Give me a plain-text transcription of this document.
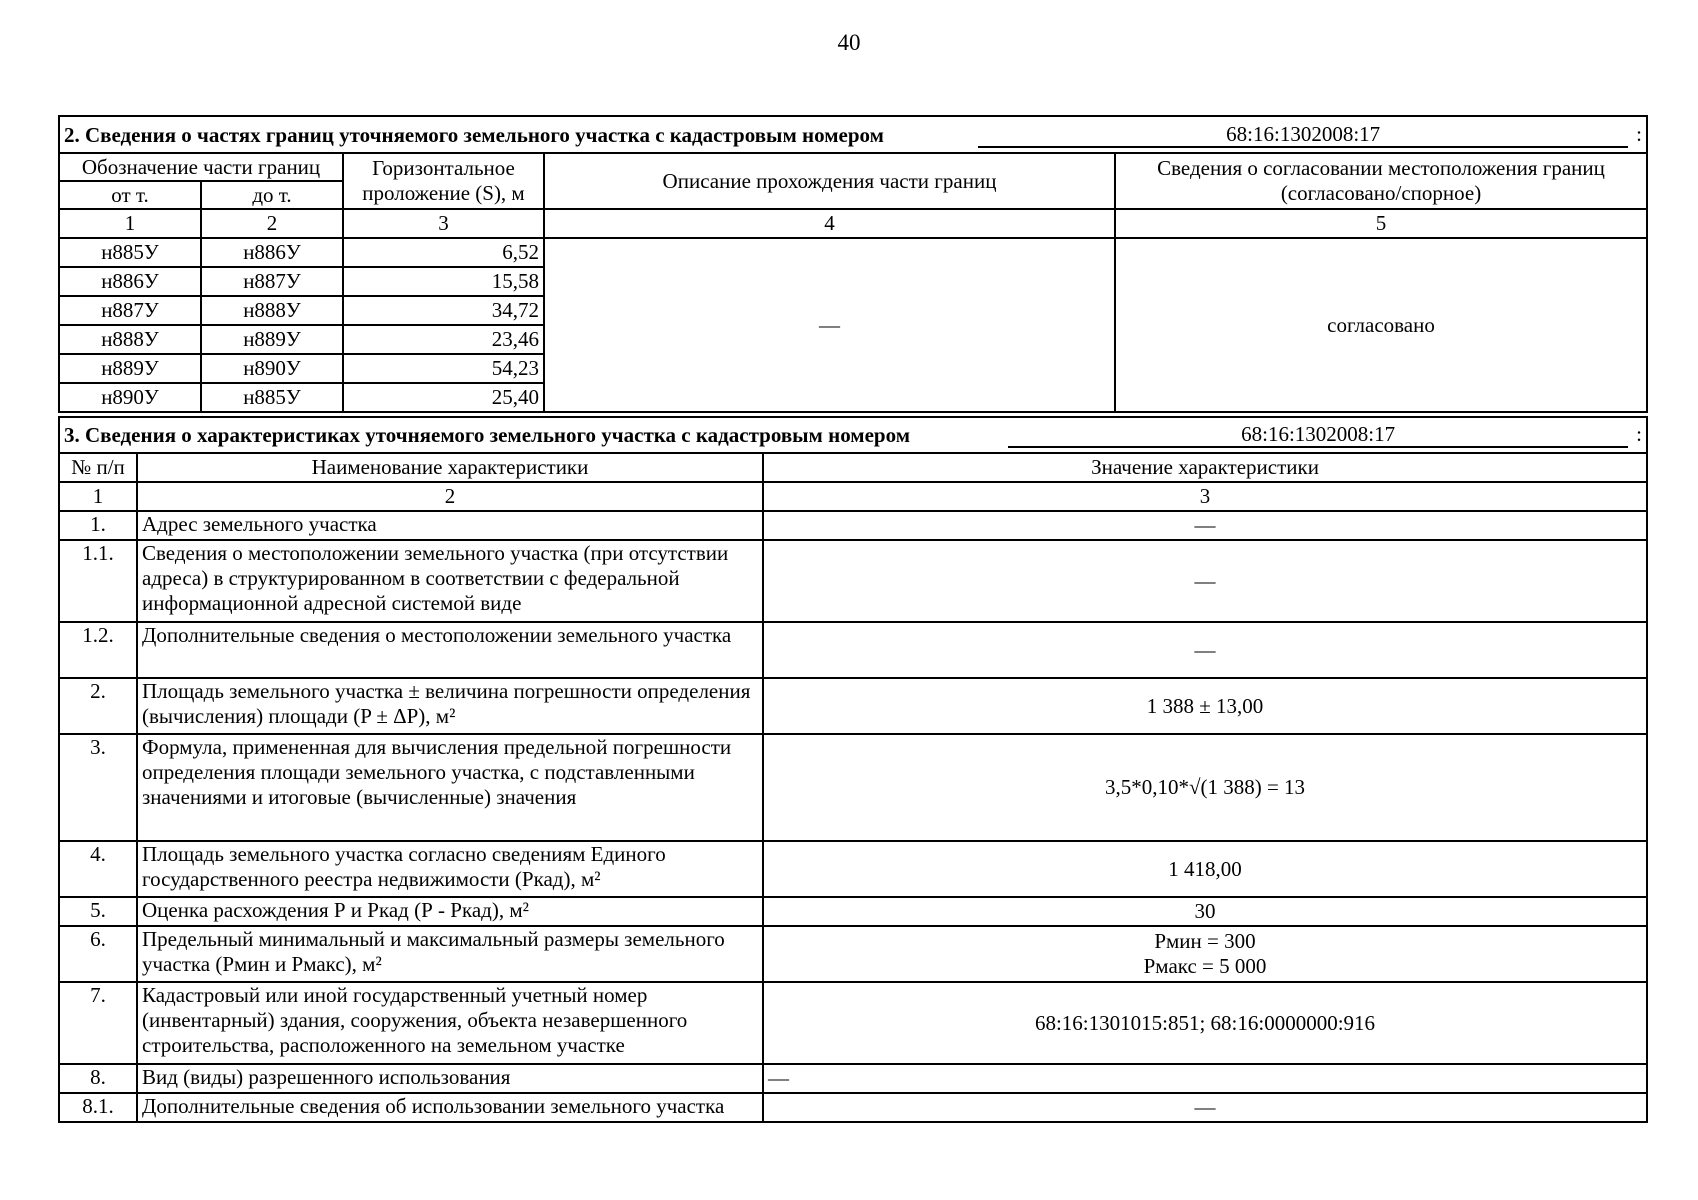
40
2. Сведения о частях границ уточняемого земельного участка с кадастровым номером 68:16:1302008:17 :				

Обозначение части границ		Горизонтальное проложение (S), м	Описание прохождения части границ	Сведения о согласовании местоположения границ (согласовано/спорное)
от т.	до т.			
1	2	3	4	5
н885У	н886У	6,52	—	согласовано
н886У	н887У	15,58		
н887У	н888У	34,72		
н888У	н889У	23,46		
н889У	н890У	54,23		
н890У	н885У	25,40		
3. Сведения о характеристиках уточняемого земельного участка с кадастровым номером 68:16:1302008:17 :		

№ п/п	Наименование характеристики	Значение характеристики
1	2	3
1.	Адрес земельного участка	—
1.1.	Сведения о местоположении земельного участка (при отсутствии адреса) в структурированном в соответствии с федеральной информационной адресной системой виде	—
1.2.	Дополнительные сведения о местоположении земельного участка	—
2.	Площадь земельного участка ± величина погрешности определения (вычисления) площади (P ± ΔP), м²	1 388 ± 13,00
3.	Формула, примененная для вычисления предельной погрешности определения площади земельного участка, с подставленными значениями и итоговые (вычисленные) значения	3,5*0,10*√(1 388) = 13
4.	Площадь земельного участка согласно сведениям Единого государственного реестра недвижимости (Ркад), м²	1 418,00
5.	Оценка расхождения Р и Ркад (Р - Ркад), м²	30
6.	Предельный минимальный и максимальный размеры земельного участка (Рмин и Рмакс), м²	Рмин = 300
Рмакс = 5 000

7.	Кадастровый или иной государственный учетный номер (инвентарный) здания, сооружения, объекта незавершенного строительства, расположенного на земельном участке	68:16:1301015:851; 68:16:0000000:916
8.	Вид (виды) разрешенного использования	—
8.1.	Дополнительные сведения об использовании земельного участка	—
